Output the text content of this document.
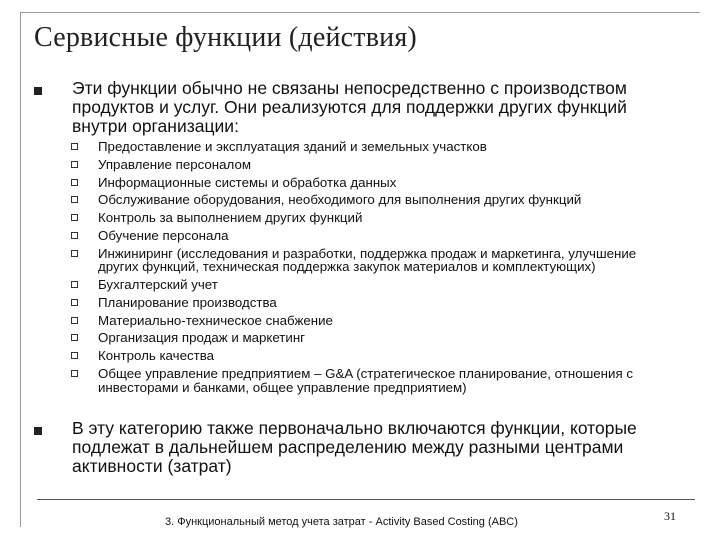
Сервисные функции (действия)
Эти функции обычно не связаны непосредственно с производством продуктов и услуг. Они реализуются для поддержки других функций внутри организации:
Предоставление и эксплуатация зданий и земельных участков
Управление персоналом
Информационные системы и обработка данных
Обслуживание оборудования, необходимого для выполнения других функций
Контроль за выполнением других функций
Обучение персонала
Инжиниринг (исследования и разработки, поддержка продаж и маркетинга, улучшение других функций, техническая поддержка закупок материалов и комплектующих)
Бухгалтерский учет
Планирование производства
Материально-техническое снабжение
Организация продаж и маркетинг
Контроль качества
Общее управление предприятием – G&A (стратегическое планирование, отношения с инвесторами и банками, общее управление предприятием)
В эту категорию также первоначально включаются функции, которые подлежат в дальнейшем распределению между разными центрами активности (затрат)
3. Функциональный метод учета затрат - Activity Based Costing (ABC)	31
